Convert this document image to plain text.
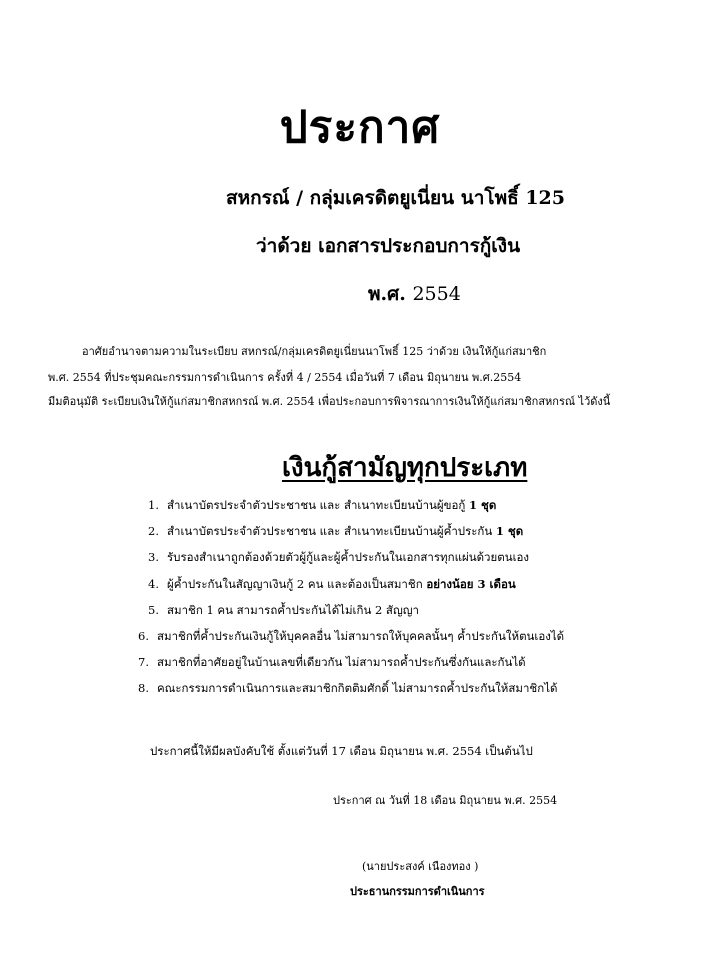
ประกาศ
สหกรณ์ / กลุ่มเครดิตยูเนี่ยน นาโพธิ์ 125
ว่าด้วย เอกสารประกอบการกู้เงิน
พ.ศ. 2554
อาศัยอำนาจตามความในระเบียบ สหกรณ์/กลุ่มเครดิตยูเนี่ยนนาโพธิ์ 125 ว่าด้วย เงินให้กู้แก่สมาชิก
พ.ศ. 2554 ที่ประชุมคณะกรรมการดำเนินการ ครั้งที่ 4 / 2554 เมื่อวันที่ 7 เดือน มิถุนายน พ.ศ.2554
มีมติอนุมัติ ระเบียบเงินให้กู้แก่สมาชิกสหกรณ์ พ.ศ. 2554 เพื่อประกอบการพิจารณาการเงินให้กู้แก่สมาชิกสหกรณ์ ไว้ดังนี้
เงินกู้สามัญทุกประเภท
1. สำเนาบัตรประจำตัวประชาชน และ สำเนาทะเบียนบ้านผู้ขอกู้ 1 ชุด
2. สำเนาบัตรประจำตัวประชาชน และ สำเนาทะเบียนบ้านผู้ค้ำประกัน 1 ชุด
3. รับรองสำเนาถูกต้องด้วยตัวผู้กู้และผู้ค้ำประกันในเอกสารทุกแผ่นด้วยตนเอง
4. ผู้ค้ำประกันในสัญญาเงินกู้ 2 คน และต้องเป็นสมาชิก อย่างน้อย 3 เดือน
5. สมาชิก 1 คน สามารถค้ำประกันได้ไม่เกิน 2 สัญญา
6. สมาชิกที่ค้ำประกันเงินกู้ให้บุคคลอื่น ไม่สามารถให้บุคคลนั้นๆ ค้ำประกันให้ตนเองได้
7. สมาชิกที่อาศัยอยู่ในบ้านเลขที่เดียวกัน ไม่สามารถค้ำประกันซึ่งกันและกันได้
8. คณะกรรมการดำเนินการและสมาชิกกิตติมศักดิ์ ไม่สามารถค้ำประกันให้สมาชิกได้
ประกาศนี้ให้มีผลบังคับใช้ ตั้งแต่วันที่ 17 เดือน มิถุนายน พ.ศ. 2554 เป็นต้นไป
ประกาศ ณ วันที่ 18 เดือน มิถุนายน พ.ศ. 2554
(นายประสงค์ เนืองทอง )
ประธานกรรมการดำเนินการ
